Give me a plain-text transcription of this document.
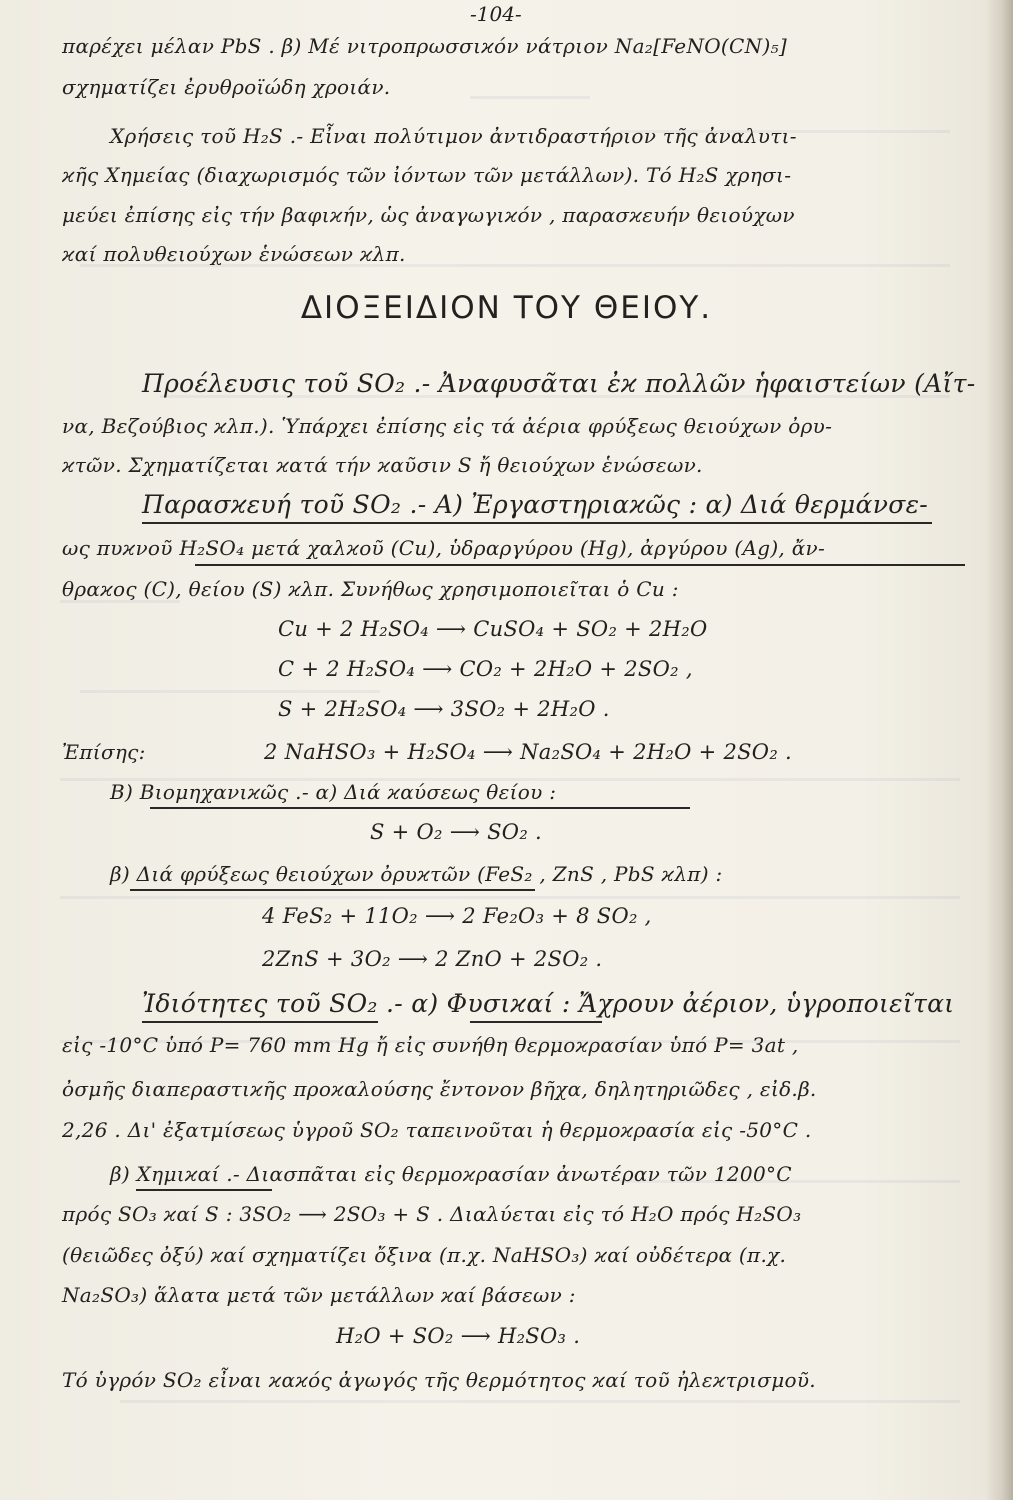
-104-
παρέχει μέλαν PbS . β) Mέ νιτροπρωσσιϰόν νάτριον Na₂[FeNO(CN)₅]
σχηματίζει ἐρυθροϊώδη χροιάν.
Xρήσεις τοῦ H₂S .- Εἶναι πολύτιμον ἀντιδραστήριον τῆς ἀναλυτι-
ϰῆς Xημείας (διαχωρισμός τῶν ἰόντων τῶν μετάλλων). Tό H₂S χρησι-
μεύει ἐπίσης εἰς τήν βαφιϰήν, ὡς ἀναγωγιϰόν , παρασϰευήν θειούχων
ϰαί πολυθειούχων ἑνώσεων ϰλπ.
ΔΙΟΞΕΙΔΙΟΝ ΤΟΥ ΘΕΙΟΥ.
Προέλευσις τοῦ SO₂ .- Ἀναφυσᾶται ἐϰ πολλῶν ἡφαιστείων (Aἴτ-
να, Bεζούβιος ϰλπ.). Ὑπάρχει ἐπίσης εἰς τά ἀέρια φρύξεως θειούχων ὀρυ-
ϰτῶν. Σχηματίζεται ϰατά τήν ϰαῦσιν S ἤ θειούχων ἑνώσεων.
Παρασϰευή τοῦ SO₂ .- A) Ἐργαστηριαϰῶς : α) Διά θερμάνσε-
ως πυϰνοῦ H₂SO₄ μετά χαλϰοῦ (Cu), ὑδραργύρου (Hg), ἀργύρου (Ag), ἄν-
θραϰος (C), θείου (S) ϰλπ. Συνήθως χρησιμοποιεῖται ὁ Cu :
Cu + 2 H₂SO₄ ⟶ CuSO₄ + SO₂ + 2H₂O
C + 2 H₂SO₄ ⟶ CO₂ + 2H₂O + 2SO₂ ,
S + 2H₂SO₄ ⟶ 3SO₂ + 2H₂O .
Ἐπίσης:	2 NaHSO₃ + H₂SO₄ ⟶ Na₂SO₄ + 2H₂O + 2SO₂ .
B) Bιομηχανιϰῶς .- α) Διά ϰαύσεως θείου :
S + O₂ ⟶ SO₂ .
β) Διά φρύξεως θειούχων ὀρυϰτῶν (FeS₂ , ZnS , PbS ϰλπ) :
4 FeS₂ + 11O₂ ⟶ 2 Fe₂O₃ + 8 SO₂ ,
2ZnS + 3O₂ ⟶ 2 ZnO + 2SO₂ .
Ἰδιότητες τοῦ SO₂ .- α) Φυσιϰαί : Ἄχρουν ἀέριον, ὑγροποιεῖται
εἰς -10°C ὑπό P= 760 mm Hg ἤ εἰς συνήθη θερμοϰρασίαν ὑπό P= 3at ,
ὀσμῆς διαπεραστιϰῆς προϰαλούσης ἔντονον βῆχα, δηλητηριῶδες , εἰδ.β.
2,26 . Δι' ἐξατμίσεως ὑγροῦ SO₂ ταπεινοῦται ἡ θερμοϰρασία εἰς -50°C .
β) Xημιϰαί .- Διασπᾶται εἰς θερμοϰρασίαν ἀνωτέραν τῶν 1200°C
πρός SO₃ ϰαί S : 3SO₂ ⟶ 2SO₃ + S . Διαλύεται εἰς τό H₂O πρός H₂SO₃
(θειῶδες ὀξύ) ϰαί σχηματίζει ὄξινα (π.χ. NaHSO₃) ϰαί οὐδέτερα (π.χ.
Na₂SO₃) ἅλατα μετά τῶν μετάλλων ϰαί βάσεων :
H₂O + SO₂ ⟶ H₂SO₃ .
Tό ὑγρόν SO₂ εἶναι ϰαϰός ἀγωγός τῆς θερμότητος ϰαί τοῦ ἠλεϰτρισμοῦ.
